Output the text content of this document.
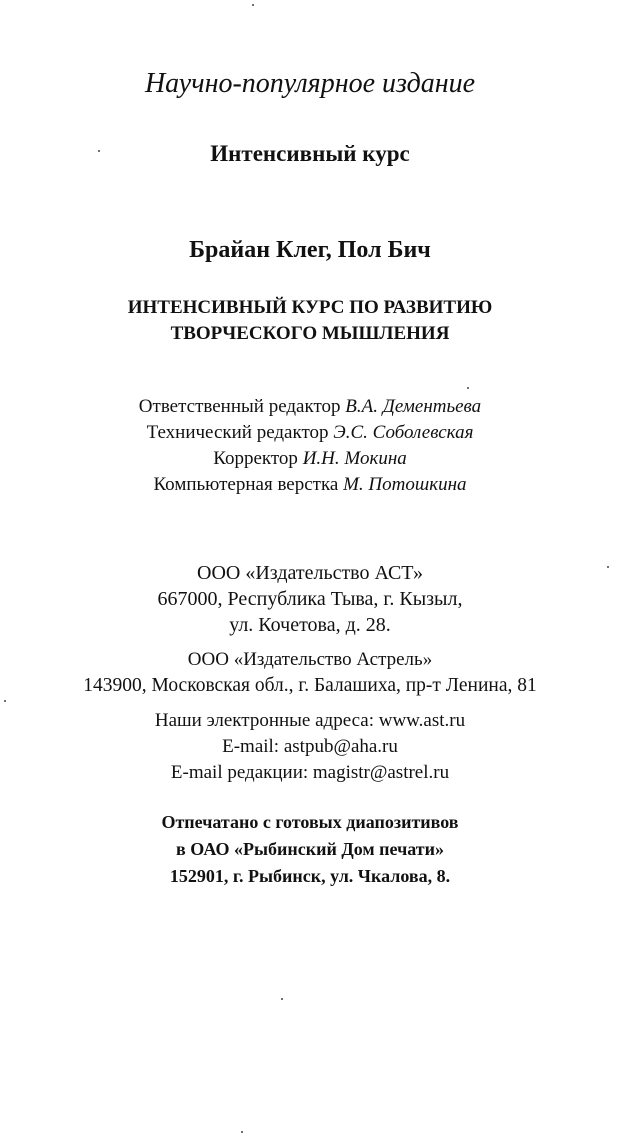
Научно-популярное издание
Интенсивный курс
Брайан Клег, Пол Бич
ИНТЕНСИВНЫЙ КУРС ПО РАЗВИТИЮ
ТВОРЧЕСКОГО МЫШЛЕНИЯ
Ответственный редактор В.А. Дементьева
Технический редактор Э.С. Соболевская
Корректор И.Н. Мокина
Компьютерная верстка М. Потошкина
ООО «Издательство АСТ»
667000, Республика Тыва, г. Кызыл,
ул. Кочетова, д. 28.
ООО «Издательство Астрель»
143900, Московская обл., г. Балашиха, пр-т Ленина, 81
Наши электронные адреса: www.ast.ru
E-mail: astpub@aha.ru
E-mail редакции: magistr@astrel.ru
Отпечатано с готовых диапозитивов
в ОАО «Рыбинский Дом печати»
152901, г. Рыбинск, ул. Чкалова, 8.
